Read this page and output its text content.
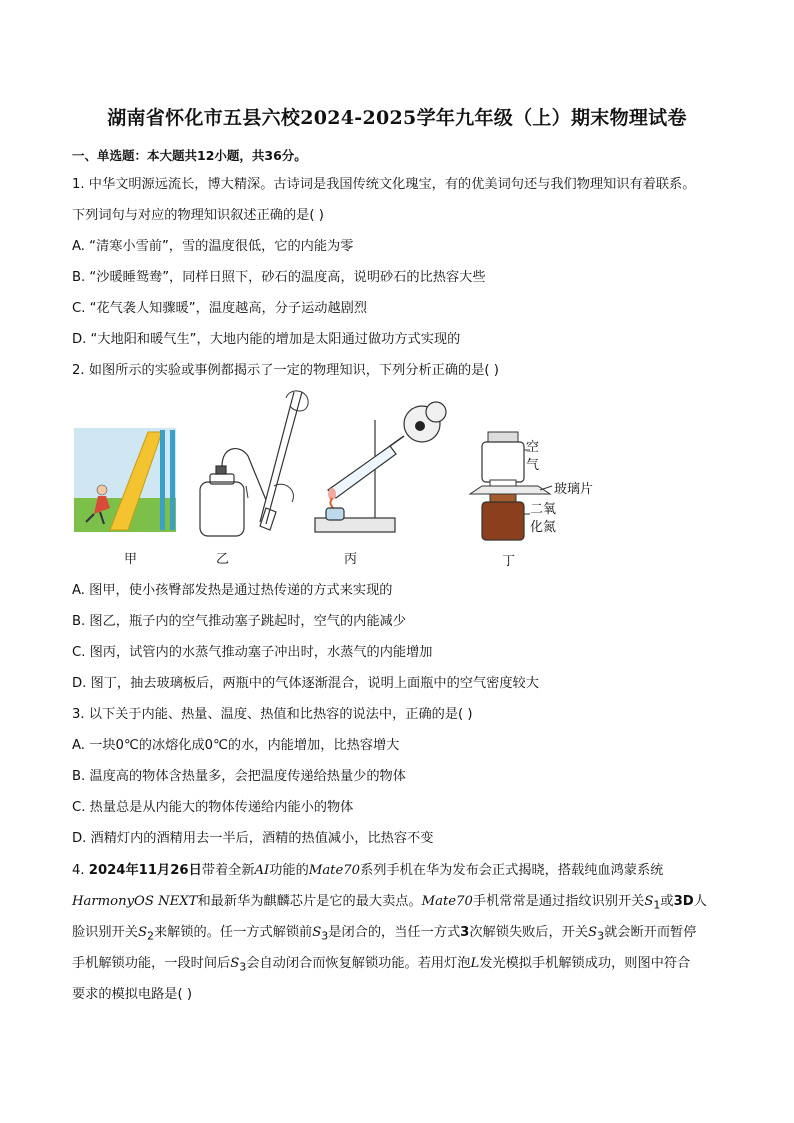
湖南省怀化市五县六校2024-2025学年九年级（上）期末物理试卷
一、单选题：本大题共12小题，共36分。
1. 中华文明源远流长，博大精深。古诗词是我国传统文化瑰宝，有的优美词句还与我们物理知识有着联系。
下列词句与对应的物理知识叙述正确的是( )
A. “清寒小雪前”，雪的温度很低，它的内能为零
B. “沙暖睡鸳鸯”，同样日照下，砂石的温度高，说明砂石的比热容大些
C. “花气袭人知骤暖”，温度越高，分子运动越剧烈
D. “大地阳和暖气生”，大地内能的增加是太阳通过做功方式实现的
2. 如图所示的实验或事例都揭示了一定的物理知识，下列分析正确的是( )
甲	乙	丙	丁
空
气
玻璃片
二氧
化氮
A. 图甲，使小孩臀部发热是通过热传递的方式来实现的
B. 图乙，瓶子内的空气推动塞子跳起时，空气的内能减少
C. 图丙，试管内的水蒸气推动塞子冲出时，水蒸气的内能增加
D. 图丁，抽去玻璃板后，两瓶中的气体逐渐混合，说明上面瓶中的空气密度较大
3. 以下关于内能、热量、温度、热值和比热容的说法中，正确的是( )
A. 一块0℃的冰熔化成0℃的水，内能增加，比热容增大
B. 温度高的物体含热量多，会把温度传递给热量少的物体
C. 热量总是从内能大的物体传递给内能小的物体
D. 酒精灯内的酒精用去一半后，酒精的热值减小，比热容不变
4. 2024年11月26日带着全新AI功能的Mate70系列手机在华为发布会正式揭晓，搭载纯血鸿蒙系统
HarmonyOS NEXT和最新华为麒麟芯片是它的最大卖点。Mate70手机常常是通过指纹识别开关$S_1$或3D人
脸识别开关$S_2$来解锁的。任一方式解锁前$S_3$是闭合的，当任一方式3次解锁失败后，开关$S_3$就会断开而暂停
手机解锁功能，一段时间后$S_3$会自动闭合而恢复解锁功能。若用灯泡L发光模拟手机解锁成功，则图中符合
要求的模拟电路是( )
